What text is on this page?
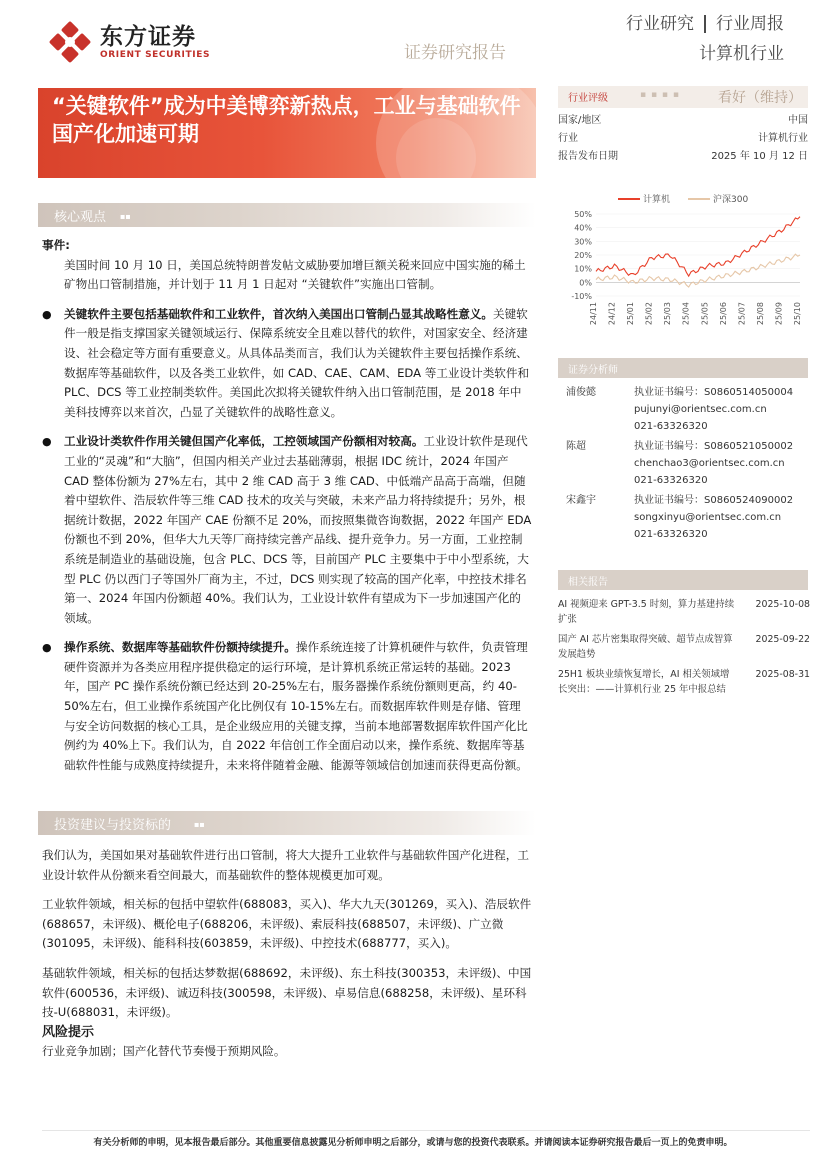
东方证券
ORIENT SECURITIES	证券研究报告
行业研究 行业周报
计算机行业
“关键软件”成为中美博弈新热点，工业与基础软件国产化加速可期
行业评级	▪ ▪ ▪ ▪	看好（维持）
国家/地区	中国
行业	计算机行业
报告发布日期	2025 年 10 月 12 日
计算机	沪深300
50%
40%
30%
20%
10%
0%
-10%
24/11 24/12 25/01 25/02 25/03 25/04 25/05 25/06 25/07 25/08 25/09 25/10
证券分析师
浦俊懿	执业证书编号：S0860514050004
pujunyi@orientsec.com.cn
021-63326320
陈超	执业证书编号：S0860521050002
chenchao3@orientsec.com.cn
021-63326320
宋鑫宇	执业证书编号：S0860524090002
songxinyu@orientsec.com.cn
021-63326320
相关报告
AI 视频迎来 GPT-3.5 时刻，算力基建持续扩张
2025-10-08
国产 AI 芯片密集取得突破、超节点成智算发展趋势
2025-09-22
25H1 板块业绩恢复增长，AI 相关领域增长突出：——计算机行业 25 年中报总结
2025-08-31
核心观点 ▪▪
事件:
美国时间 10 月 10 日，美国总统特朗普发帖文威胁要加增巨额关税来回应中国实施的稀土矿物出口管制措施，并计划于 11 月 1 日起对 “关键软件”实施出口管制。
● 关键软件主要包括基础软件和工业软件，首次纳入美国出口管制凸显其战略性意义。关键软件一般是指支撑国家关键领域运行、保障系统安全且难以替代的软件，对国家安全、经济建设、社会稳定等方面有重要意义。从具体品类而言，我们认为关键软件主要包括操作系统、数据库等基础软件，以及各类工业软件，如 CAD、CAE、CAM、EDA 等工业设计类软件和 PLC、DCS 等工业控制类软件。美国此次拟将关键软件纳入出口管制范围，是 2018 年中美科技博弈以来首次，凸显了关键软件的战略性意义。
● 工业设计类软件作用关键但国产化率低，工控领域国产份额相对较高。工业设计软件是现代工业的“灵魂”和“大脑”，但国内相关产业过去基础薄弱，根据 IDC 统计，2024 年国产 CAD 整体份额为 27%左右，其中 2 维 CAD 高于 3 维 CAD、中低端产品高于高端，但随着中望软件、浩辰软件等三维 CAD 技术的攻关与突破，未来产品力将持续提升；另外，根据统计数据，2022 年国产 CAE 份额不足 20%，而按照集微咨询数据，2022 年国产 EDA 份额也不到 20%，但华大九天等厂商持续完善产品线、提升竞争力。另一方面，工业控制系统是制造业的基础设施，包含 PLC、DCS 等，目前国产 PLC 主要集中于中小型系统，大型 PLC 仍以西门子等国外厂商为主，不过，DCS 则实现了较高的国产化率，中控技术排名第一、2024 年国内份额超 40%。我们认为，工业设计软件有望成为下一步加速国产化的领域。
● 操作系统、数据库等基础软件份额持续提升。操作系统连接了计算机硬件与软件，负责管理硬件资源并为各类应用程序提供稳定的运行环境，是计算机系统正常运转的基础。2023 年，国产 PC 操作系统份额已经达到 20-25%左右，服务器操作系统份额则更高，约 40-50%左右，但工业操作系统国产化比例仅有 10-15%左右。而数据库软件则是存储、管理与安全访问数据的核心工具，是企业级应用的关键支撑，当前本地部署数据库软件国产化比例约为 40%上下。我们认为，自 2022 年信创工作全面启动以来，操作系统、数据库等基础软件性能与成熟度持续提升，未来将伴随着金融、能源等领域信创加速而获得更高份额。
投资建议与投资标的	▪▪
我们认为，美国如果对基础软件进行出口管制，将大大提升工业软件与基础软件国产化进程，工业设计软件从份额来看空间最大，而基础软件的整体规模更加可观。
工业软件领域，相关标的包括中望软件(688083，买入)、华大九天(301269，买入)、浩辰软件(688657，未评级)、概伦电子(688206，未评级)、索辰科技(688507，未评级)、广立微(301095，未评级)、能科科技(603859，未评级)、中控技术(688777，买入)。
基础软件领域，相关标的包括达梦数据(688692，未评级)、东土科技(300353，未评级)、中国软件(600536，未评级)、诚迈科技(300598，未评级)、卓易信息(688258，未评级)、星环科技-U(688031，未评级)。
风险提示
行业竞争加剧；国产化替代节奏慢于预期风险。
有关分析师的申明，见本报告最后部分。其他重要信息披露见分析师申明之后部分，或请与您的投资代表联系。并请阅读本证券研究报告最后一页上的免责申明。
